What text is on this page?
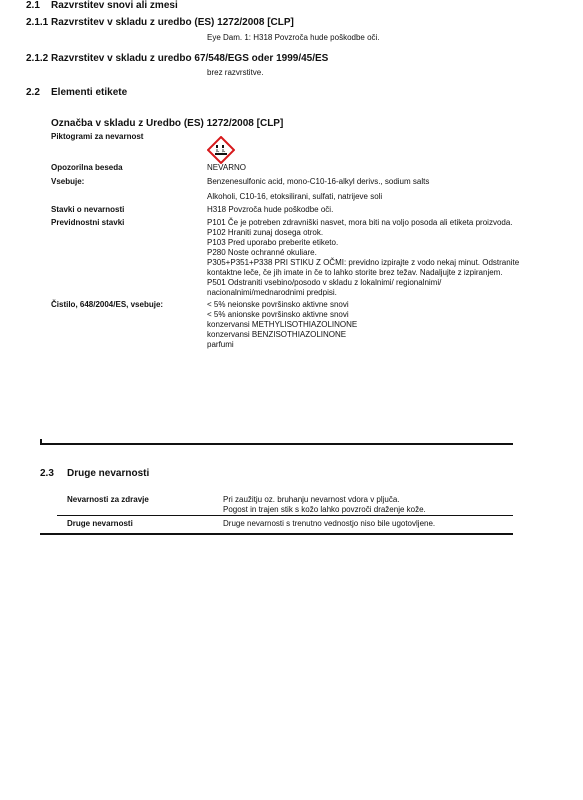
2.1 Razvrstitev snovi ali zmesi
2.1.1 Razvrstitev v skladu z uredbo (ES) 1272/2008 [CLP]
Eye Dam. 1: H318 Povzroča hude poškodbe oči.
2.1.2 Razvrstitev v skladu z uredbo 67/548/EGS oder 1999/45/ES
brez razvrstitve.
2.2 Elementi etikete
Označba v skladu z Uredbo (ES) 1272/2008 [CLP]
Piktogrami za nevarnost
Opozorilna beseda	NEVARNO
Vsebuje:	Benzenesulfonic acid, mono-C10-16-alkyl derivs., sodium salts
Alkoholi, C10-16, etoksilirani, sulfati, natrijeve soli
Stavki o nevarnosti	H318 Povzroča hude poškodbe oči.
Previdnostni stavki	P101 Če je potreben zdravniški nasvet, mora biti na voljo posoda ali etiketa proizvoda.
P102 Hraniti zunaj dosega otrok.
P103 Pred uporabo preberite etiketo.
P280 Noste ochranné okuliare.
P305+P351+P338 PRI STIKU Z OČMI: previdno izpirajte z vodo nekaj minut. Odstranite
kontaktne leče, če jih imate in če to lahko storite brez težav. Nadaljujte z izpiranjem.
P501 Odstraniti vsebino/posodo v skladu z lokalnimi/ regionalnimi/
nacionalnimi/mednarodnimi predpisi.
Čistilo, 648/2004/ES, vsebuje:	< 5% neionske površinsko aktivne snovi
< 5% anionske površinsko aktivne snovi
konzervansi METHYLISOTHIAZOLINONE
konzervansi BENZISOTHIAZOLINONE
parfumi
2.3 Druge nevarnosti
Nevarnosti za zdravje	Pri zaužitju oz. bruhanju nevarnost vdora v pljuča.
Pogost in trajen stik s kožo lahko povzroči draženje kože.
Druge nevarnosti	Druge nevarnosti s trenutno vednostjo niso bile ugotovljene.
